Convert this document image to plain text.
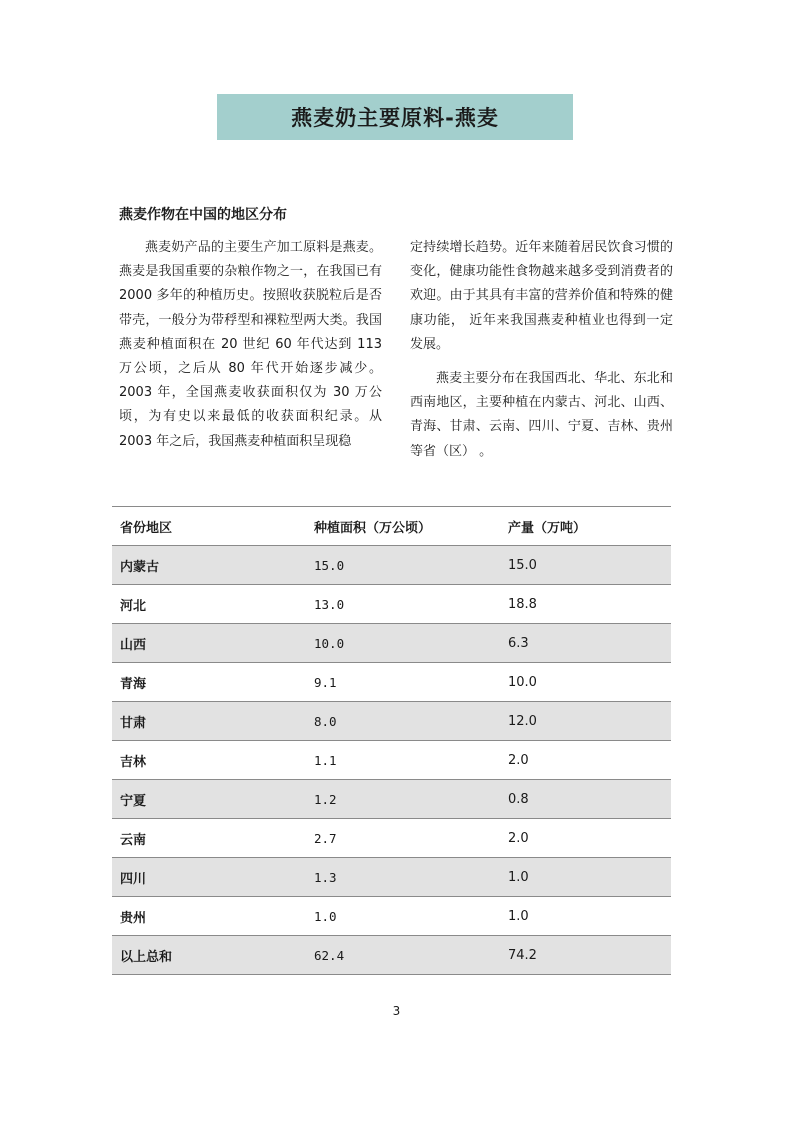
燕麦奶主要原料-燕麦
燕麦作物在中国的地区分布

燕麦奶产品的主要生产加工原料是燕麦。燕麦是我国重要的杂粮作物之一，在我国已有 2000 多年的种植历史。按照收获脱粒后是否带壳，一般分为带稃型和裸粒型两大类。我国燕麦种植面积在 20 世纪 60 年代达到 113 万公顷，之后从 80 年代开始逐步减少。2003 年，全国燕麦收获面积仅为 30 万公顷，为有史以来最低的收获面积纪录。从 2003 年之后，我国燕麦种植面积呈现稳

定持续增长趋势。近年来随着居民饮食习惯的变化，健康功能性食物越来越多受到消费者的欢迎。由于其具有丰富的营养价值和特殊的健康功能， 近年来我国燕麦种植业也得到一定发展。

燕麦主要分布在我国西北、华北、东北和西南地区，主要种植在内蒙古、河北、山西、青海、甘肃、云南、四川、宁夏、吉林、贵州等省（区） 。

省份地区	种植面积（万公顷）	产量（万吨）
内蒙古	15.0	15.0
河北	13.0	18.8
山西	10.0	6.3
青海	9.1	10.0
甘肃	8.0	12.0
吉林	1.1	2.0
宁夏	1.2	0.8
云南	2.7	2.0
四川	1.3	1.0
贵州	1.0	1.0
以上总和	62.4	74.2
3
